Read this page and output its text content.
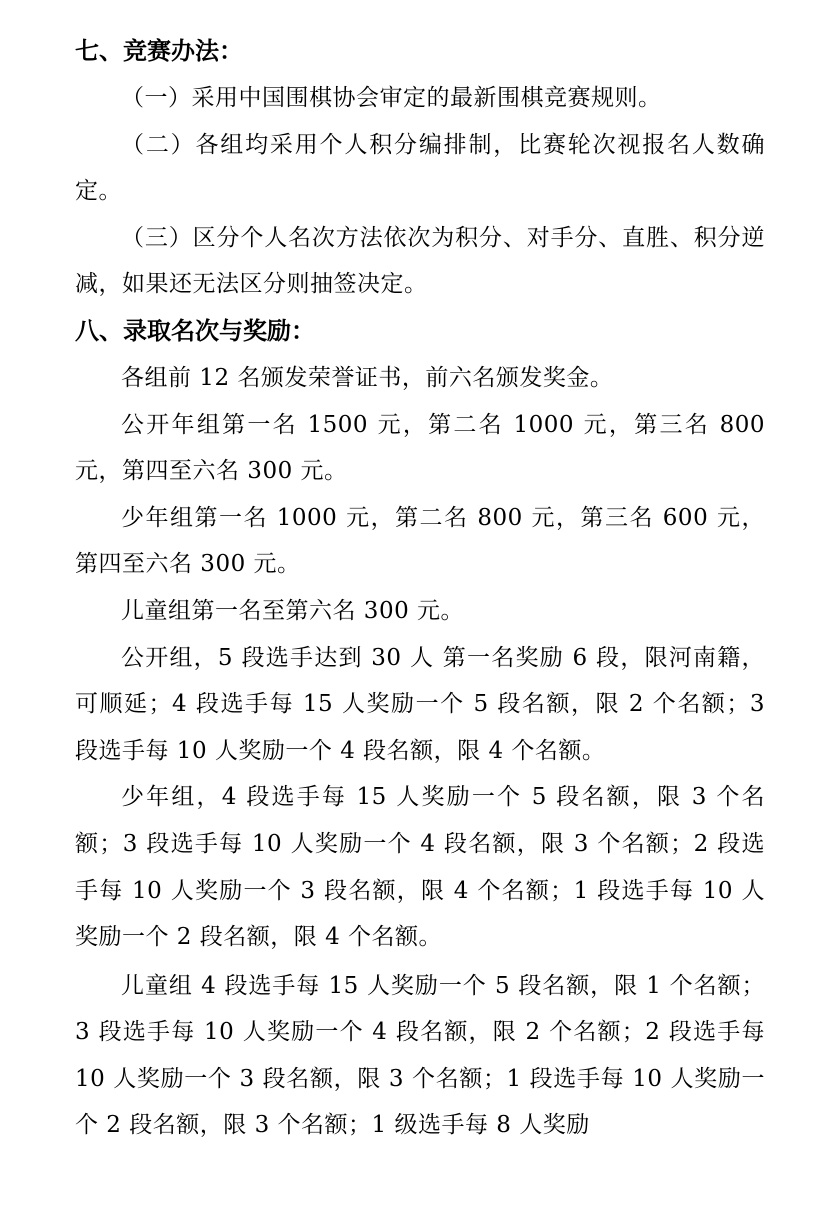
七、竞赛办法：

（一）采用中国围棋协会审定的最新围棋竞赛规则。

（二）各组均采用个人积分编排制，比赛轮次视报名人数确定。

（三）区分个人名次方法依次为积分、对手分、直胜、积分逆减，如果还无法区分则抽签决定。

八、录取名次与奖励：

各组前 12 名颁发荣誉证书，前六名颁发奖金。

公开年组第一名 1500 元，第二名 1000 元，第三名 800 元，第四至六名 300 元。

少年组第一名 1000 元，第二名 800 元，第三名 600 元，第四至六名 300 元。

儿童组第一名至第六名 300 元。

公开组，5 段选手达到 30 人 第一名奖励 6 段，限河南籍，可顺延；4 段选手每 15 人奖励一个 5 段名额，限 2 个名额；3 段选手每 10 人奖励一个 4 段名额，限 4 个名额。

少年组，4 段选手每 15 人奖励一个 5 段名额，限 3 个名额；3 段选手每 10 人奖励一个 4 段名额，限 3 个名额；2 段选手每 10 人奖励一个 3 段名额，限 4 个名额；1 段选手每 10 人奖励一个 2 段名额，限 4 个名额。

儿童组 4 段选手每 15 人奖励一个 5 段名额，限 1 个名额；3 段选手每 10 人奖励一个 4 段名额，限 2 个名额；2 段选手每 10 人奖励一个 3 段名额，限 3 个名额；1 段选手每 10 人奖励一个 2 段名额，限 3 个名额；1 级选手每 8 人奖励
